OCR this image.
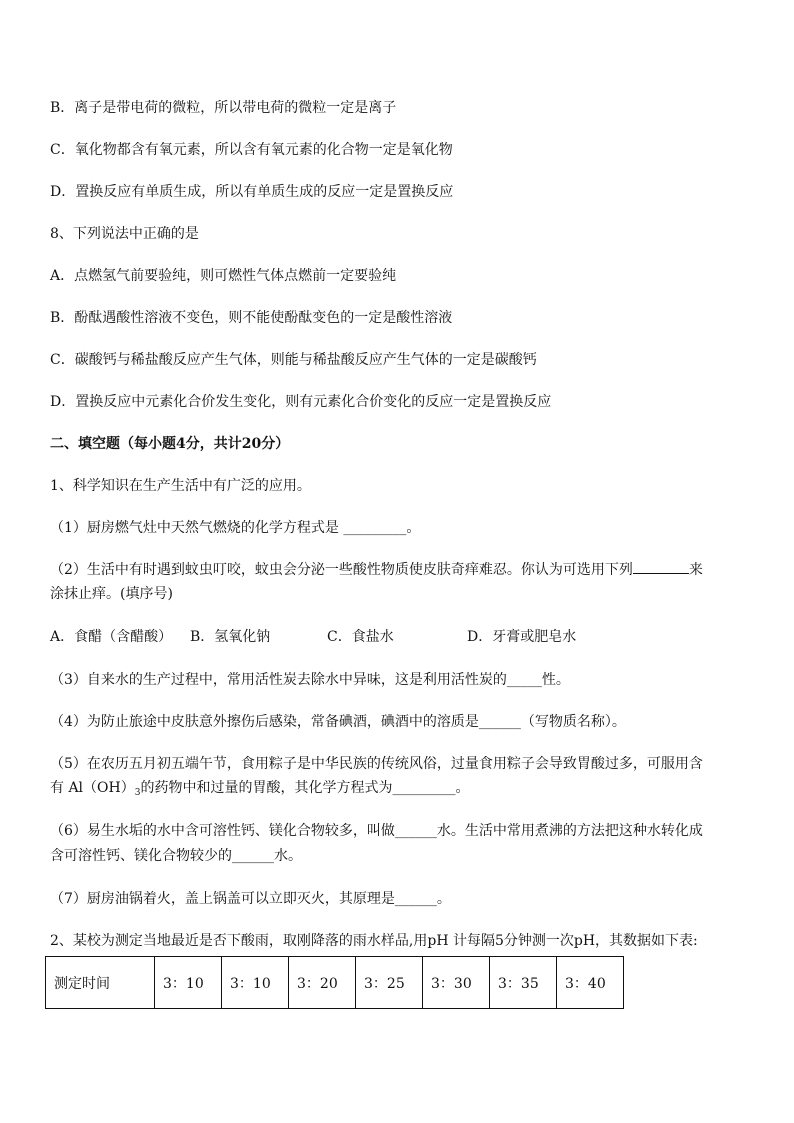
B．离子是带电荷的微粒，所以带电荷的微粒一定是离子
C．氧化物都含有氧元素，所以含有氧元素的化合物一定是氧化物
D．置换反应有单质生成，所以有单质生成的反应一定是置换反应
8、下列说法中正确的是
A．点燃氢气前要验纯，则可燃性气体点燃前一定要验纯
B．酚酞遇酸性溶液不变色，则不能使酚酞变色的一定是酸性溶液
C．碳酸钙与稀盐酸反应产生气体，则能与稀盐酸反应产生气体的一定是碳酸钙
D．置换反应中元素化合价发生变化，则有元素化合价变化的反应一定是置换反应
二、填空题（每小题4分，共计20分）
1、科学知识在生产生活中有广泛的应用。
（1）厨房燃气灶中天然气燃烧的化学方程式是 _________。
（2）生活中有时遇到蚊虫叮咬，蚊虫会分泌一些酸性物质使皮肤奇痒难忍。你认为可选用下列	来
涂抹止痒。(填序号)
A．食醋（含醋酸） B．氢氧化钠	C．食盐水	D．牙膏或肥皂水
（3）自来水的生产过程中，常用活性炭去除水中异味，这是利用活性炭的_____性。
（4）为防止旅途中皮肤意外擦伤后感染，常备碘酒，碘酒中的溶质是______（写物质名称）。
（5）在农历五月初五端午节，食用粽子是中华民族的传统风俗，过量食用粽子会导致胃酸过多，可服用含
有 $Al(OH)_3$的药物中和过量的胃酸，其化学方程式为_________。
（6）易生水垢的水中含可溶性钙、镁化合物较多，叫做______水。生活中常用煮沸的方法把这种水转化成
含可溶性钙、镁化合物较少的______水。
（7）厨房油锅着火，盖上锅盖可以立即灭火，其原理是______。
2、某校为测定当地最近是否下酸雨，取刚降落的雨水样品,用pH 计每隔5分钟测一次pH，其数据如下表:
测定时间	3：10	3：10	3：20	3：25	3：30	3：35	3：40
